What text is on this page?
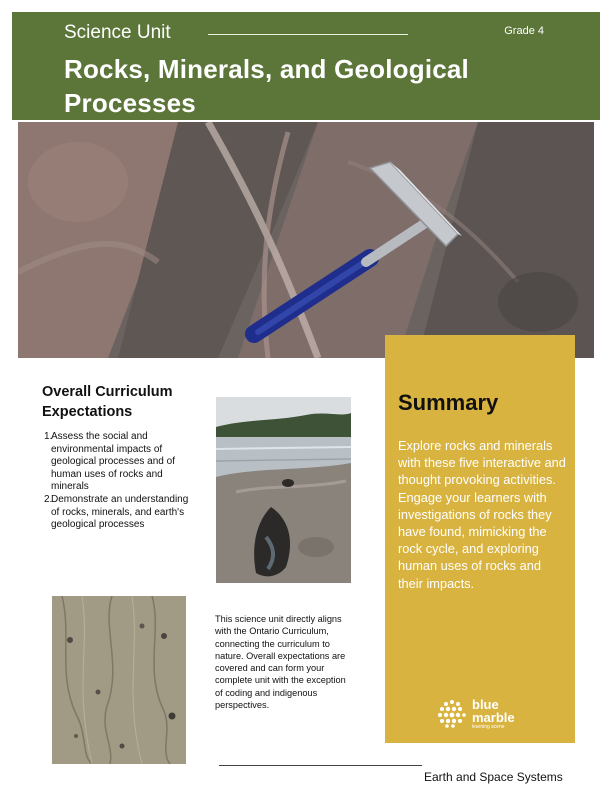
Science Unit	Grade 4
Rocks, Minerals, and Geological Processes
Overall Curriculum Expectations
1.
Assess the social and environmental impacts of geological processes and of human uses of rocks and minerals
2.
Demonstrate an understanding of rocks, minerals, and earth's geological processes
This science unit directly aligns with the Ontario Curriculum, connecting the curriculum to nature. Overall expectations are covered and can form your complete unit with the exception of coding and indigenous perspectives.
Summary
Explore rocks and minerals with these five interactive and thought provoking activities. Engage your learners with investigations of rocks they have found, mimicking the rock cycle, and exploring human uses of rocks and their impacts.
blue marble
learning scene
Earth and Space Systems
